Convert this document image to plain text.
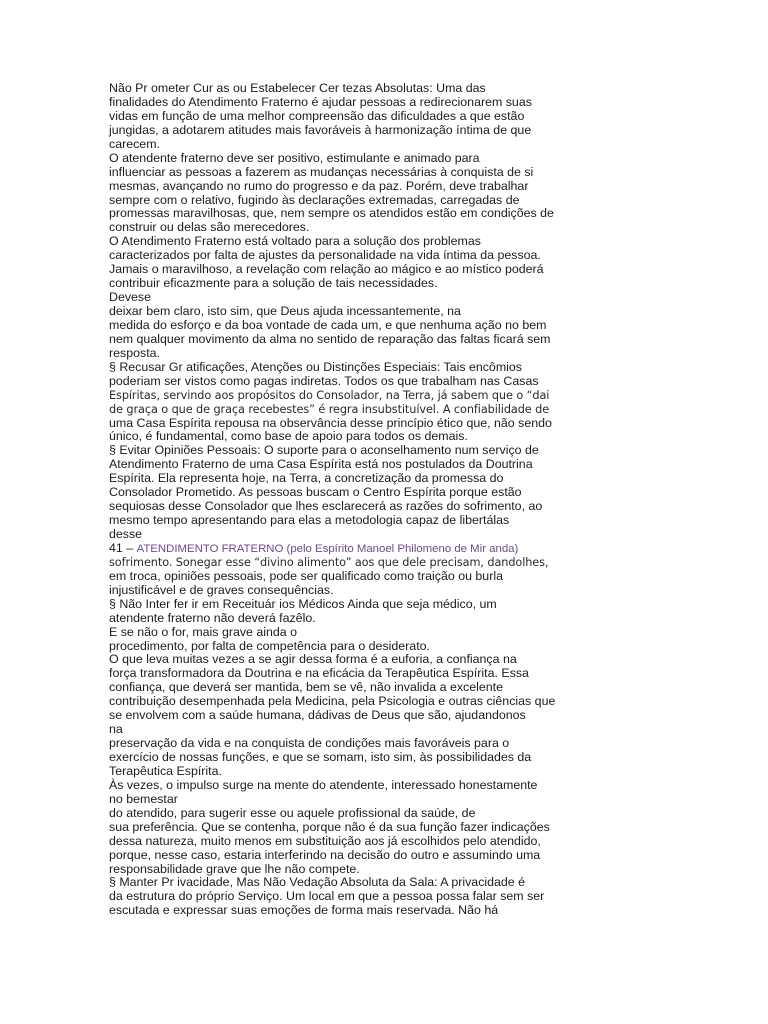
Não Pr ometer Cur as ou Estabelecer Cer tezas Absolutas: Uma das
finalidades do Atendimento Fraterno é ajudar pessoas a redirecionarem suas
vidas em função de uma melhor compreensão das dificuldades a que estão
jungidas, a adotarem atitudes mais favoráveis à harmonização íntima de que
carecem.
O atendente fraterno deve ser positivo, estimulante e animado para
influenciar as pessoas a fazerem as mudanças necessárias à conquista de si
mesmas, avançando no rumo do progresso e da paz. Porém, deve trabalhar
sempre com o relativo, fugindo às declarações extremadas, carregadas de
promessas maravilhosas, que, nem sempre os atendidos estão em condições de
construir ou delas são merecedores.
O Atendimento Fraterno está voltado para a solução dos problemas
caracterizados por falta de ajustes da personalidade na vida íntima da pessoa.
Jamais o maravilhoso, a revelação com relação ao mágico e ao místico poderá
contribuir eficazmente para a solução de tais necessidades.
Devese
deixar bem claro, isto sim, que Deus ajuda incessantemente, na
medida do esforço e da boa vontade de cada um, e que nenhuma ação no bem
nem qualquer movimento da alma no sentido de reparação das faltas ficará sem
resposta.
§ Recusar Gr atificações, Atenções ou Distinções Especiais: Tais encômios
poderiam ser vistos como pagas indiretas. Todos os que trabalham nas Casas
Espíritas, servindo aos propósitos do Consolador, na Terra, já sabem que o “dai
de graça o que de graça recebestes” é regra insubstituível. A confiabilidade de
uma Casa Espírita repousa na observância desse princípio ético que, não sendo
único, é fundamental, como base de apoio para todos os demais.
§ Evitar Opiniões Pessoais: O suporte para o aconselhamento num serviço de
Atendimento Fraterno de uma Casa Espírita está nos postulados da Doutrina
Espírita. Ela representa hoje, na Terra, a concretização da promessa do
Consolador Prometido. As pessoas buscam o Centro Espírita porque estão
sequiosas desse Consolador que lhes esclarecerá as razões do sofrimento, ao
mesmo tempo apresentando para elas a metodologia capaz de libertálas
desse
41 – ATENDIMENTO FRATERNO (pelo Espírito Manoel Philomeno de Mir anda)
sofrimento. Sonegar esse “divino alimento” aos que dele precisam, dandolhes,
em troca, opiniões pessoais, pode ser qualificado como traição ou burla
injustificável e de graves consequências.
§ Não Inter fer ir em Receituár ios Médicos Ainda que seja médico, um
atendente fraterno não deverá fazêlo.
E se não o for, mais grave ainda o
procedimento, por falta de competência para o desiderato.
O que leva muitas vezes a se agir dessa forma é a euforia, a confiança na
força transformadora da Doutrina e na eficácia da Terapêutica Espírita. Essa
confiança, que deverá ser mantida, bem se vê, não invalida a excelente
contribuição desempenhada pela Medicina, pela Psicologia e outras ciências que
se envolvem com a saúde humana, dádivas de Deus que são, ajudandonos
na
preservação da vida e na conquista de condições mais favoráveis para o
exercício de nossas funções, e que se somam, isto sim, às possibilidades da
Terapêutica Espírita.
Às vezes, o impulso surge na mente do atendente, interessado honestamente
no bemestar
do atendido, para sugerir esse ou aquele profissional da saúde, de
sua preferência. Que se contenha, porque não é da sua função fazer indicações
dessa natureza, muito menos em substituição aos já escolhidos pelo atendido,
porque, nesse caso, estaria interferindo na decisão do outro e assumindo uma
responsabilidade grave que lhe não compete.
§ Manter Pr ivacidade, Mas Não Vedação Absoluta da Sala: A privacidade é
da estrutura do próprio Serviço. Um local em que a pessoa possa falar sem ser
escutada e expressar suas emoções de forma mais reservada. Não há
